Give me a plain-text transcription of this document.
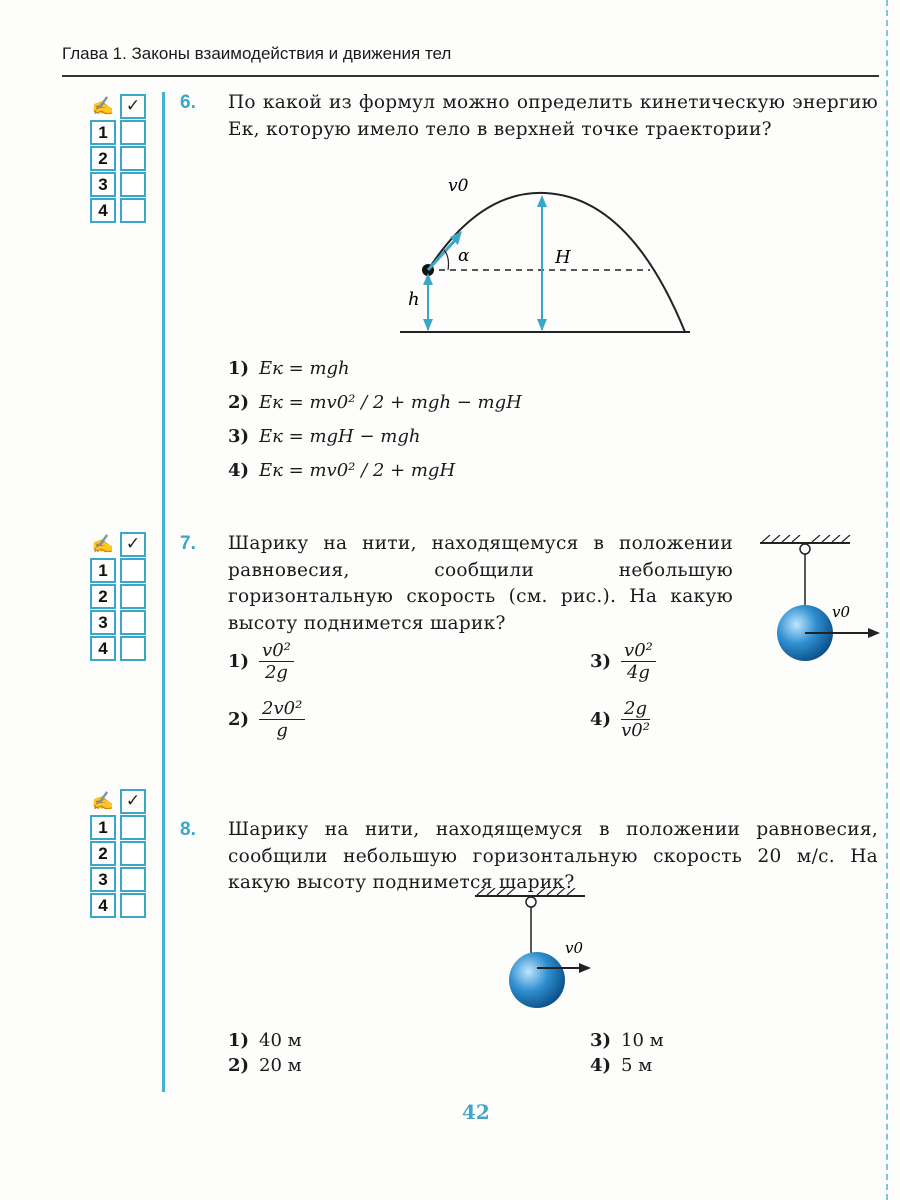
Глава 1. Законы взаимодействия и движения тел
✍ ✓
1
2
3
4
✍ ✓
1
2
3
4
✍ ✓
1
2
3
4
6. По какой из формул можно определить кинетическую энергию Eк, которую имело тело в верхней точке траектории?
v0
α	H
h
1) Eк = mgh
2) Eк = mv0² / 2 + mgh − mgH
3) Eк = mgH − mgh
4) Eк = mv0² / 2 + mgH
7. Шарику на нити, находящемуся в положении равновесия, сообщили небольшую горизонтальную скорость (см. рис.). На какую высоту поднимется шарик?
v0
$1) \frac{\text{v0²}}{2g}$
$2) \frac{\text{2v0²}}{g}$
$3) \frac{\text{v0²}}{4g}$
$4) \frac{2g}{\text{v0²}}$
8. Шарику на нити, находящемуся в положении равновесия, сообщили небольшую горизонтальную скорость 20 м/с. На какую высоту поднимется шарик?
v0
1) 40 м
2) 20 м
3) 10 м
4) 5 м
42
